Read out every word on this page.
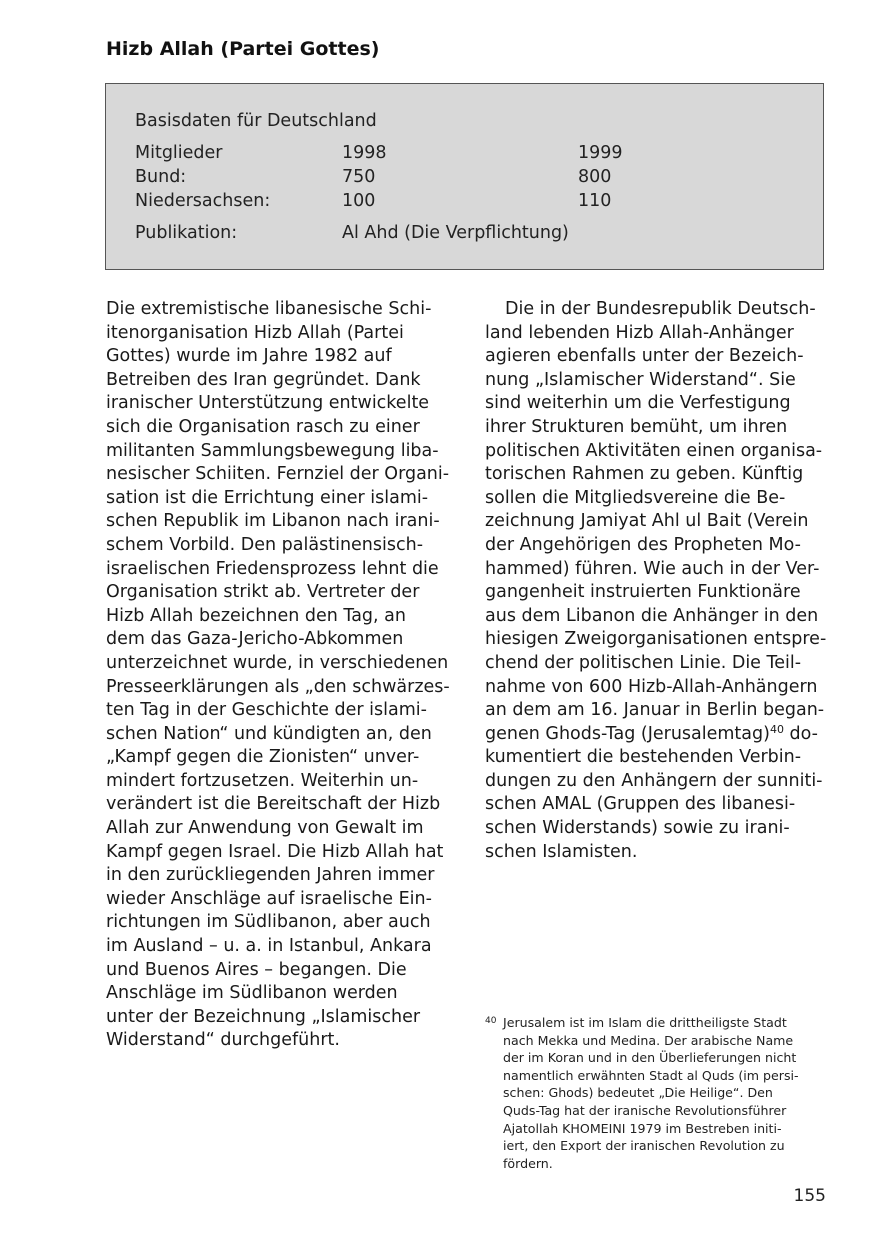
Hizb Allah (Partei Gottes)
Basisdaten für Deutschland
Mitglieder	1998	1999
Bund:	750	800
Niedersachsen:	100	110
Publikation:	Al Ahd (Die Verpflichtung)
Die extremistische libanesische Schi-
itenorganisation Hizb Allah (Partei
Gottes) wurde im Jahre 1982 auf
Betreiben des Iran gegründet. Dank
iranischer Unterstützung entwickelte
sich die Organisation rasch zu einer
militanten Sammlungsbewegung liba-
nesischer Schiiten. Fernziel der Organi-
sation ist die Errichtung einer islami-
schen Republik im Libanon nach irani-
schem Vorbild. Den palästinensisch-
israelischen Friedensprozess lehnt die
Organisation strikt ab. Vertreter der
Hizb Allah bezeichnen den Tag, an
dem das Gaza-Jericho-Abkommen
unterzeichnet wurde, in verschiedenen
Presseerklärungen als „den schwärzes-
ten Tag in der Geschichte der islami-
schen Nation“ und kündigten an, den
„Kampf gegen die Zionisten“ unver-
mindert fortzusetzen. Weiterhin un-
verändert ist die Bereitschaft der Hizb
Allah zur Anwendung von Gewalt im
Kampf gegen Israel. Die Hizb Allah hat
in den zurückliegenden Jahren immer
wieder Anschläge auf israelische Ein-
richtungen im Südlibanon, aber auch
im Ausland – u. a. in Istanbul, Ankara
und Buenos Aires – begangen. Die
Anschläge im Südlibanon werden
unter der Bezeichnung „Islamischer
Widerstand“ durchgeführt.
Die in der Bundesrepublik Deutsch-
land lebenden Hizb Allah-Anhänger
agieren ebenfalls unter der Bezeich-
nung „Islamischer Widerstand“. Sie
sind weiterhin um die Verfestigung
ihrer Strukturen bemüht, um ihren
politischen Aktivitäten einen organisa-
torischen Rahmen zu geben. Künftig
sollen die Mitgliedsvereine die Be-
zeichnung Jamiyat Ahl ul Bait (Verein
der Angehörigen des Propheten Mo-
hammed) führen. Wie auch in der Ver-
gangenheit instruierten Funktionäre
aus dem Libanon die Anhänger in den
hiesigen Zweigorganisationen entspre-
chend der politischen Linie. Die Teil-
nahme von 600 Hizb-Allah-Anhängern
an dem am 16. Januar in Berlin began-
genen Ghods-Tag (Jerusalemtag)$^{40}$ do-
kumentiert die bestehenden Verbin-
dungen zu den Anhängern der sunniti-
schen AMAL (Gruppen des libanesi-
schen Widerstands) sowie zu irani-
schen Islamisten.
40 Jerusalem ist im Islam die drittheiligste Stadt
nach Mekka und Medina. Der arabische Name
der im Koran und in den Überlieferungen nicht
namentlich erwähnten Stadt al Quds (im persi-
schen: Ghods) bedeutet „Die Heilige“. Den
Quds-Tag hat der iranische Revolutionsführer
Ajatollah KHOMEINI 1979 im Bestreben initi-
iert, den Export der iranischen Revolution zu
fördern.
155
